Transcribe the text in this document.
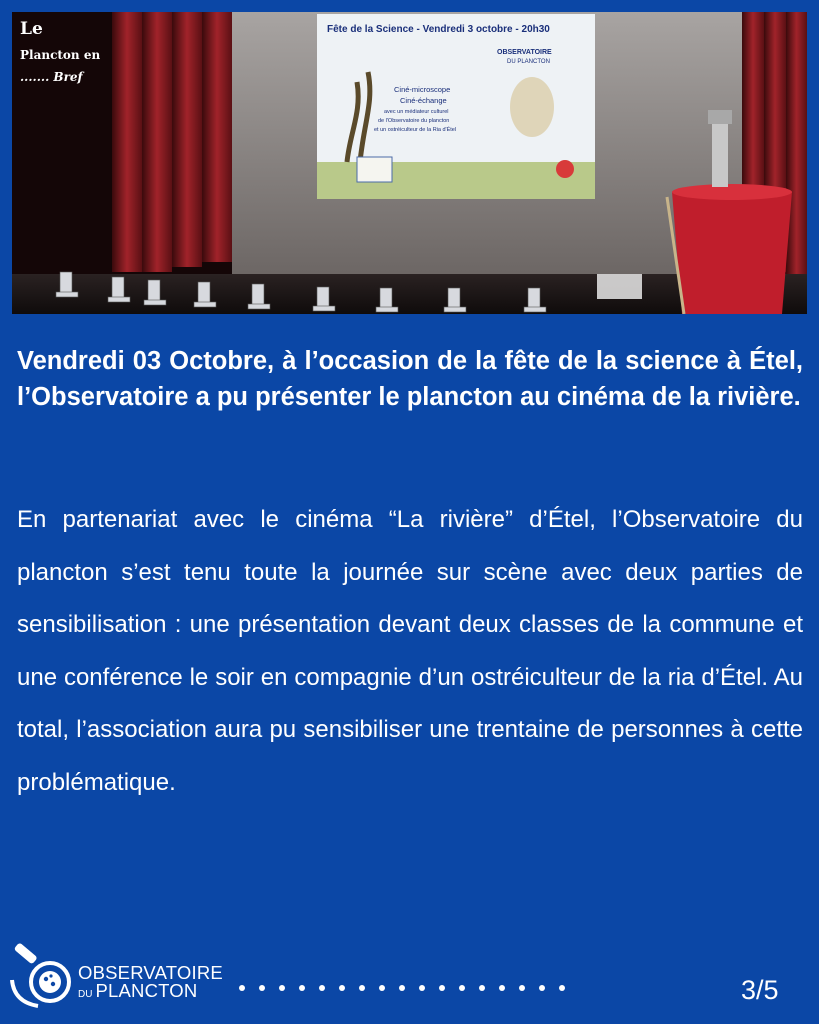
Fête de la Science - Vendredi 3 octobre - 20h30
OBSERVATOIRE
DU PLANCTON
Ciné-microscope
Ciné-échange
avec un médiateur culturel
de l'Observatoire du plancton
et un ostréiculteur de la Ria d'Étel
Le
Plancton en
....... Bref

Vendredi 03 Octobre, à l’occasion de la fête de la science à Étel, l’Observatoire a pu présenter le plancton au cinéma de la rivière.

En partenariat avec le cinéma “La rivière” d’Étel, l’Observatoire du plancton s’est tenu toute la journée sur scène avec deux parties de sensibilisation : une présentation devant deux classes de la commune et une conférence le soir en compagnie d’un ostréiculteur de la ria d’Étel. Au total, l’association aura pu sensibiliser une trentaine de personnes à cette problématique.

OBSERVATOIRE
DU PLANCTON	3/5
